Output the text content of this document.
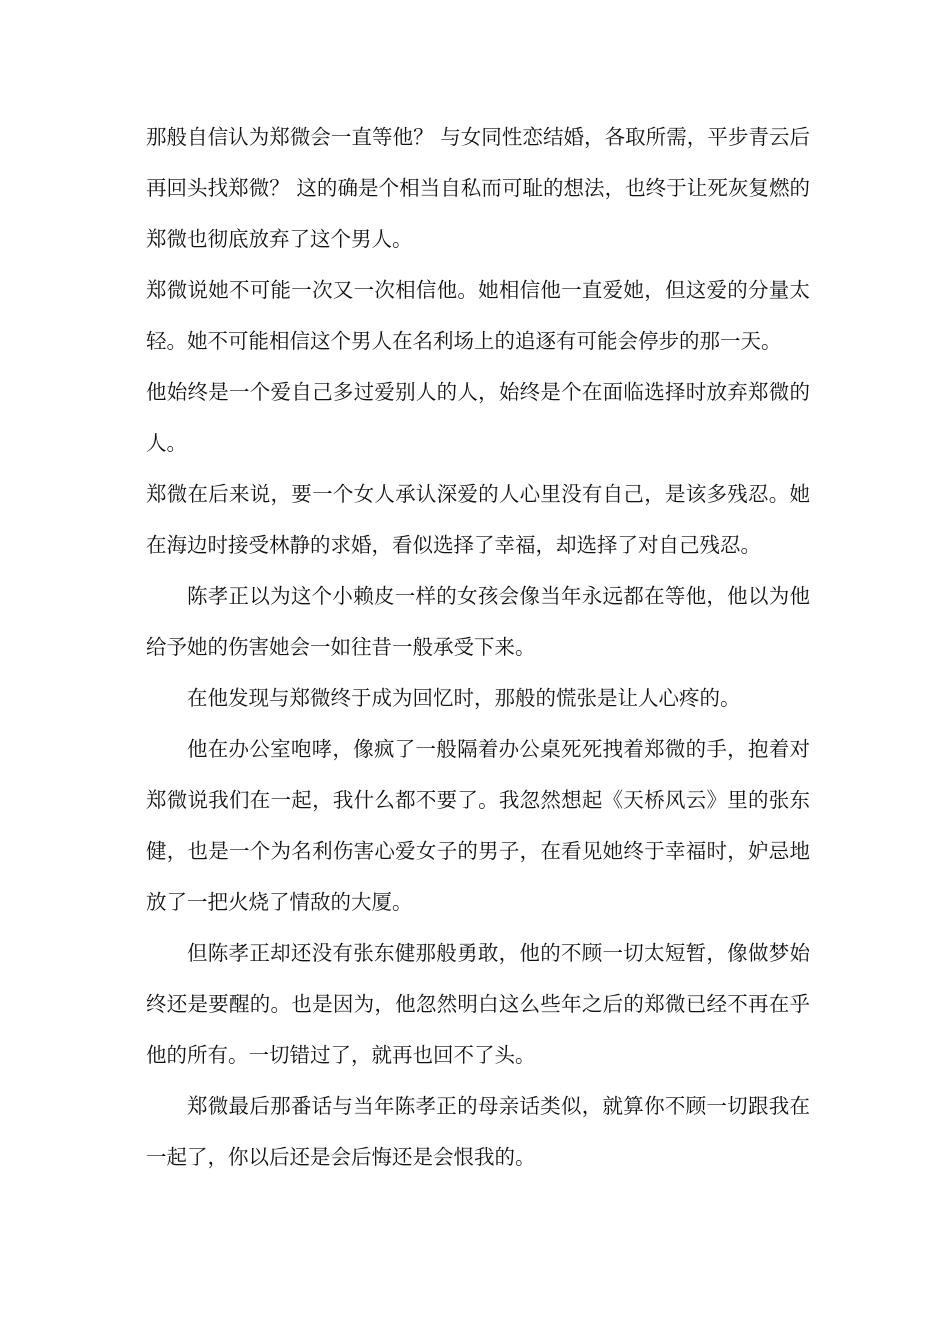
那般自信认为郑微会一直等他？ 与女同性恋结婚，各取所需，平步青云后再回头找郑微？ 这的确是个相当自私而可耻的想法，也终于让死灰复燃的郑微也彻底放弃了这个男人。

郑微说她不可能一次又一次相信他。她相信他一直爱她，但这爱的分量太轻。她不可能相信这个男人在名利场上的追逐有可能会停步的那一天。

他始终是一个爱自己多过爱别人的人，始终是个在面临选择时放弃郑微的人。

郑微在后来说，要一个女人承认深爱的人心里没有自己，是该多残忍。她在海边时接受林静的求婚，看似选择了幸福，却选择了对自己残忍。

陈孝正以为这个小赖皮一样的女孩会像当年永远都在等他，他以为他给予她的伤害她会一如往昔一般承受下来。

在他发现与郑微终于成为回忆时，那般的慌张是让人心疼的。

他在办公室咆哮，像疯了一般隔着办公桌死死拽着郑微的手，抱着对郑微说我们在一起，我什么都不要了。我忽然想起《天桥风云》里的张东健，也是一个为名利伤害心爱女子的男子，在看见她终于幸福时，妒忌地放了一把火烧了情敌的大厦。

但陈孝正却还没有张东健那般勇敢，他的不顾一切太短暂，像做梦始终还是要醒的。也是因为，他忽然明白这么些年之后的郑微已经不再在乎他的所有。一切错过了，就再也回不了头。

郑微最后那番话与当年陈孝正的母亲话类似，就算你不顾一切跟我在一起了，你以后还是会后悔还是会恨我的。
